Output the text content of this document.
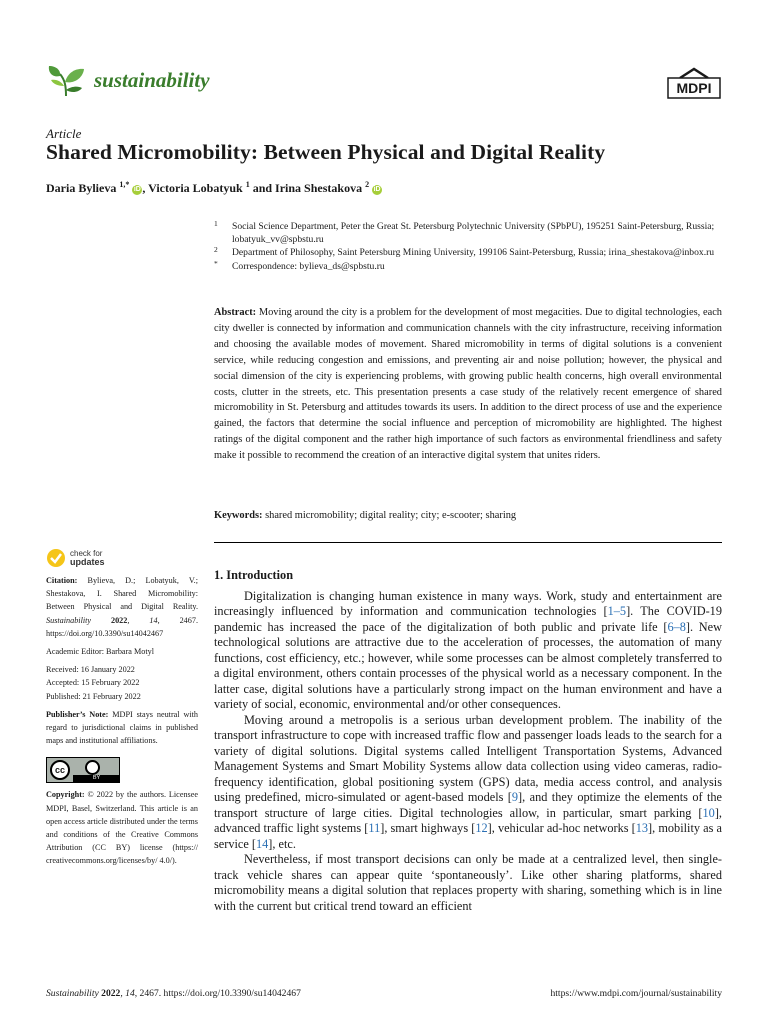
sustainability	MDPI
Article
Shared Micromobility: Between Physical and Digital Reality
Daria Bylieva $^{1,*}$ iD , Victoria Lobatyuk $^1$ and Irina Shestakova $^2$ iD
1 Social Science Department, Peter the Great St. Petersburg Polytechnic University (SPbPU), 195251 Saint-Petersburg, Russia; lobatyuk_vv@spbstu.ru
2 Department of Philosophy, Saint Petersburg Mining University, 199106 Saint-Petersburg, Russia; irina_shestakova@inbox.ru
* Correspondence: bylieva_ds@spbstu.ru
Abstract: Moving around the city is a problem for the development of most megacities. Due to digital technologies, each city dweller is connected by information and communication channels with the city infrastructure, receiving information and choosing the available modes of movement. Shared micromobility in terms of digital solutions is a convenient service, while reducing congestion and emissions, and preventing air and noise pollution; however, the physical and social dimension of the city is experiencing problems, with growing public health concerns, high overall environmental costs, clutter in the streets, etc. This presentation presents a case study of the relatively recent emergence of shared micromobility in St. Petersburg and attitudes towards its users. In addition to the direct process of use and the experience gained, the factors that determine the social influence and perception of micromobility are highlighted. The highest ratings of the digital component and the rather high importance of such factors as environmental friendliness and safety make it possible to recommend the creation of an interactive digital system that unites riders.
Keywords: shared micromobility; digital reality; city; e-scooter; sharing
check for
updates
Citation: Bylieva, D.; Lobatyuk, V.; Shestakova, I. Shared Micromobility: Between Physical and Digital Reality. Sustainability 2022, 14, 2467. https://doi.org/10.3390/su14042467
Academic Editor: Barbara Motyl
Received: 16 January 2022
Accepted: 15 February 2022
Published: 21 February 2022
Publisher’s Note: MDPI stays neutral with regard to jurisdictional claims in published maps and institutional affiliations.
cc
BY
Copyright: © 2022 by the authors. Licensee MDPI, Basel, Switzerland. This article is an open access article distributed under the terms and conditions of the Creative Commons Attribution (CC BY) license (https:// creativecommons.org/licenses/by/ 4.0/).
1. Introduction
Digitalization is changing human existence in many ways. Work, study and entertainment are increasingly influenced by information and communication technologies [1–5]. The COVID-19 pandemic has increased the pace of the digitalization of both public and private life [6–8]. New technological solutions are attractive due to the acceleration of processes, the automation of many functions, cost efficiency, etc.; however, while some processes can be almost completely transferred to a digital environment, others contain processes of the physical world as a necessary component. In the latter case, digital solutions have a particularly strong impact on the human environment and have a variety of social, economic, environmental and/or other consequences.
Moving around a metropolis is a serious urban development problem. The inability of the transport infrastructure to cope with increased traffic flow and passenger loads leads to the search for a variety of digital solutions. Digital systems called Intelligent Transportation Systems, Advanced Management Systems and Smart Mobility Systems allow data collection using video cameras, radio-frequency identification, global positioning system (GPS) data, media access control, and analysis using predefined, micro-simulated or agent-based models [9], and they optimize the elements of the transport structure of large cities. Digital technologies allow, in particular, smart parking [10], advanced traffic light systems [11], smart highways [12], vehicular ad-hoc networks [13], mobility as a service [14], etc.
Nevertheless, if most transport decisions can only be made at a centralized level, then single-track vehicle shares can appear quite ‘spontaneously’. Like other sharing platforms, shared micromobility means a digital solution that replaces property with sharing, something which is in line with the current but critical trend toward an efficient
Sustainability 2022, 14, 2467. https://doi.org/10.3390/su14042467	https://www.mdpi.com/journal/sustainability
